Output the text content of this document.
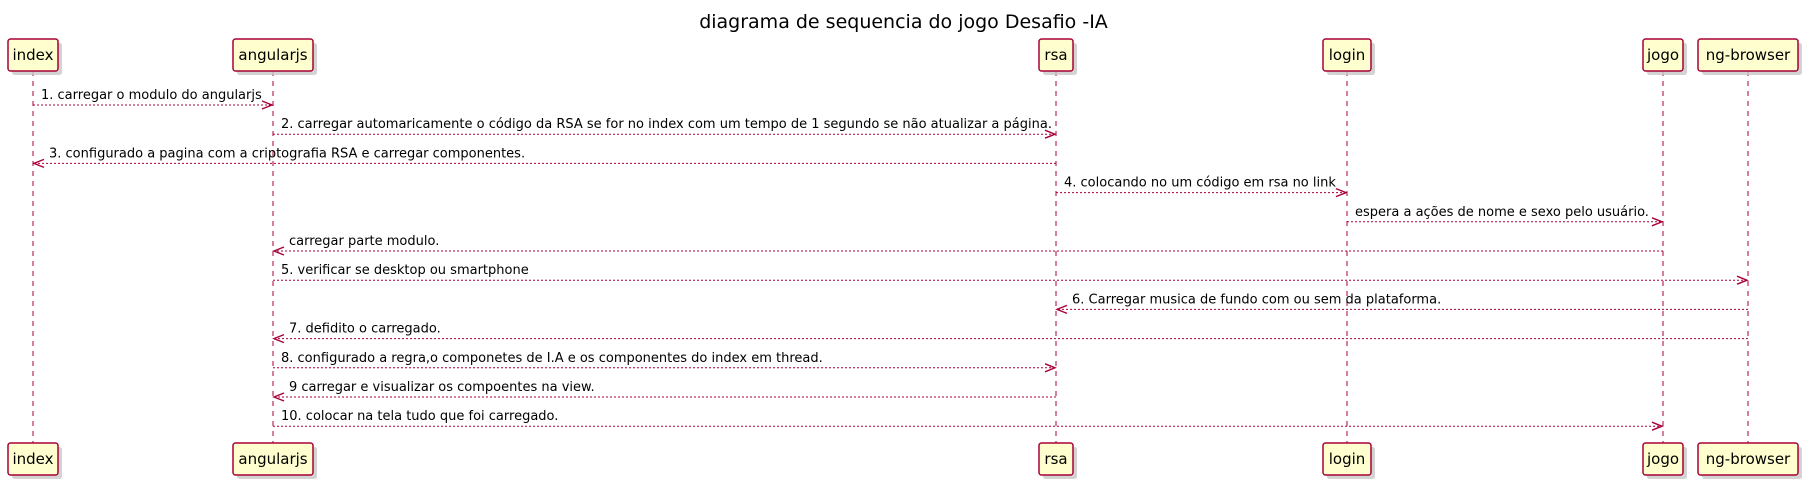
diagrama de sequencia do jogo Desafio -IA
1. carregar o modulo do angularjs
2. carregar automaricamente o código da RSA se for no index com um tempo de 1 segundo se não atualizar a página.
3. configurado a pagina com a criptografia RSA e carregar componentes.
4. colocando no um código em rsa no link
espera a ações de nome e sexo pelo usuário.
carregar parte modulo.
5. verificar se desktop ou smartphone
6. Carregar musica de fundo com ou sem da plataforma.
7. defidito o carregado.
8. configurado a regra,o componetes de I.A e os componentes do index em thread.
9 carregar e visualizar os compoentes na view.
10. colocar na tela tudo que foi carregado.
index	angularjs	rsa	login	jogo ng-browser
index	angularjs	rsa	login	jogo ng-browser
